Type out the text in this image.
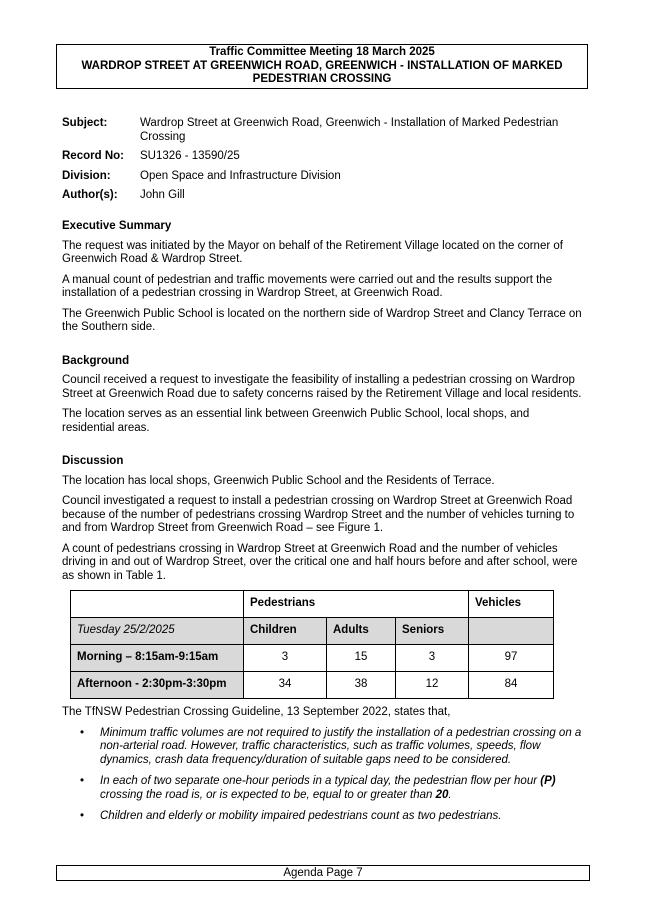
Traffic Committee Meeting 18 March 2025
WARDROP STREET AT GREENWICH ROAD, GREENWICH - INSTALLATION OF MARKED
PEDESTRIAN CROSSING
Subject:	Wardrop Street at Greenwich Road, Greenwich - Installation of Marked Pedestrian Crossing
Record No:	SU1326 - 13590/25
Division:	Open Space and Infrastructure Division
Author(s):	John Gill
Executive Summary

The request was initiated by the Mayor on behalf of the Retirement Village located on the corner of Greenwich Road & Wardrop Street.

A manual count of pedestrian and traffic movements were carried out and the results support the installation of a pedestrian crossing in Wardrop Street, at Greenwich Road.

The Greenwich Public School is located on the northern side of Wardrop Street and Clancy Terrace on the Southern side.

Background

Council received a request to investigate the feasibility of installing a pedestrian crossing on Wardrop Street at Greenwich Road due to safety concerns raised by the Retirement Village and local residents.

The location serves as an essential link between Greenwich Public School, local shops, and residential areas.

Discussion

The location has local shops, Greenwich Public School and the Residents of Terrace.

Council investigated a request to install a pedestrian crossing on Wardrop Street at Greenwich Road because of the number of pedestrians crossing Wardrop Street and the number of vehicles turning to and from Wardrop Street from Greenwich Road – see Figure 1.

A count of pedestrians crossing in Wardrop Street at Greenwich Road and the number of vehicles driving in and out of Wardrop Street, over the critical one and half hours before and after school, were as shown in Table 1.

	Pedestrians			Vehicles
Tuesday 25/2/2025	Children	Adults	Seniors	
Morning – 8:15am-9:15am	3	15	3	97
Afternoon - 2:30pm-3:30pm	34	38	12	84

The TfNSW Pedestrian Crossing Guideline, 13 September 2022, states that,

• Minimum traffic volumes are not required to justify the installation of a pedestrian crossing on a non-arterial road. However, traffic characteristics, such as traffic volumes, speeds, flow dynamics, crash data frequency/duration of suitable gaps need to be considered.
• In each of two separate one-hour periods in a typical day, the pedestrian flow per hour (P) crossing the road is, or is expected to be, equal to or greater than 20.
• Children and elderly or mobility impaired pedestrians count as two pedestrians.
Agenda Page 7
